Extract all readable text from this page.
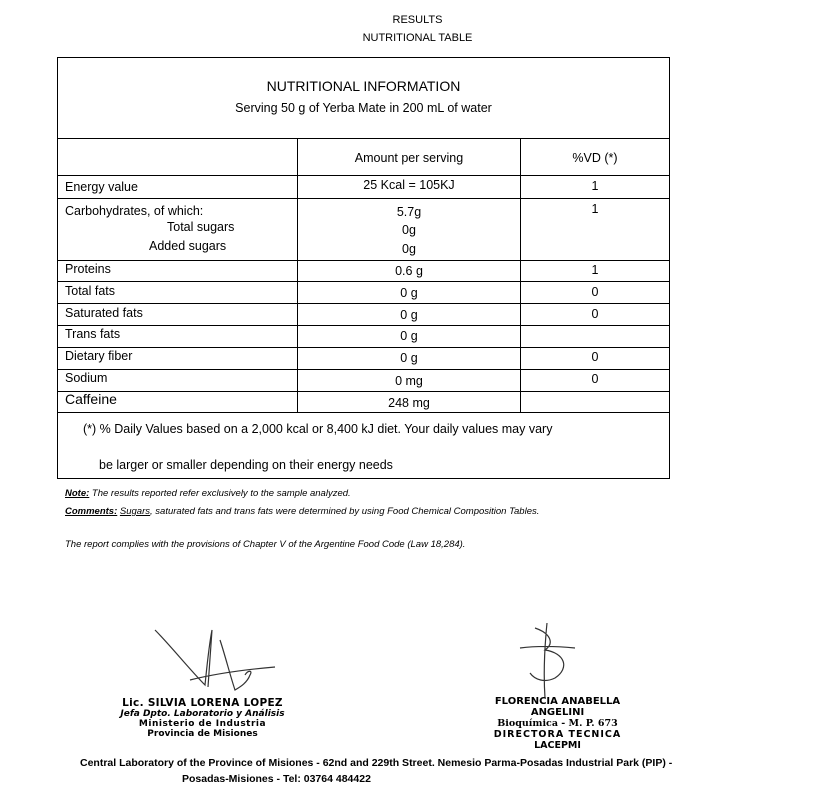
RESULTS
NUTRITIONAL TABLE
NUTRITIONAL INFORMATION
Serving 50 g of Yerba Mate in 200 mL of water
Amount per serving	%VD (*)
Energy value	25 Kcal = 105KJ	1
Carbohydrates, of which:	5.7g	1
Total sugars	0g
Added sugars	0g
Proteins	0.6 g	1
Total fats	0 g	0
Saturated fats	0 g	0
Trans fats	0 g
Dietary fiber	0 g	0
Sodium	0 mg	0
Caffeine	248 mg
(*) % Daily Values based on a 2,000 kcal or 8,400 kJ diet. Your daily values may vary
be larger or smaller depending on their energy needs
Note: The results reported refer exclusively to the sample analyzed.
Comments: Sugars, saturated fats and trans fats were determined by using Food Chemical Composition Tables.
The report complies with the provisions of Chapter V of the Argentine Food Code (Law 18,284).
Lic. SILVIA LORENA LOPEZ
Jefa Dpto. Laboratorio y Análisis
Ministerio de Industria
Provincia de Misiones
FLORENCIA ANABELLA ANGELINI
Bioquímica - M. P. 673
DIRECTORA TECNICA
LACEPMI
Central Laboratory of the Province of Misiones - 62nd and 229th Street. Nemesio Parma-Posadas Industrial Park (PIP) -
Posadas-Misiones - Tel: 03764 484422
